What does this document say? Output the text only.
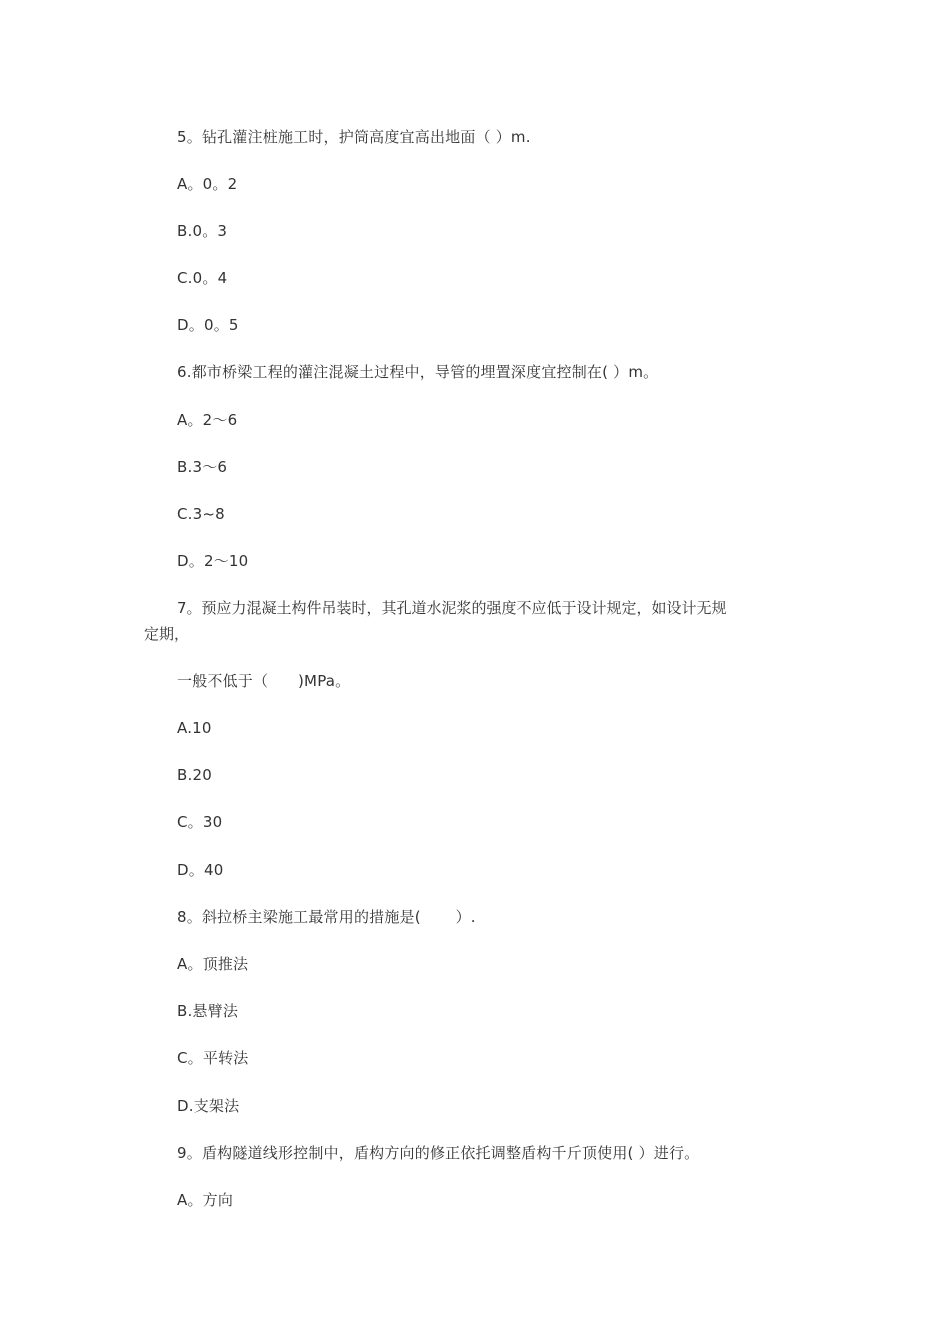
5。钻孔灌注桩施工时，护筒高度宜高出地面（ ）m.
A。0。2
B.0。3
C.0。4
D。0。5
6.都市桥梁工程的灌注混凝土过程中，导管的埋置深度宜控制在( ）m。
A。2～6
B.3～6
C.3~8
D。2～10
7。预应力混凝土构件吊装时，其孔道水泥浆的强度不应低于设计规定，如设计无规
定期，
一般不低于（      )MPa。
A.10
B.20
C。30
D。40
8。斜拉桥主梁施工最常用的措施是(       ）.
A。顶推法
B.悬臂法
C。平转法
D.支架法
9。盾构隧道线形控制中，盾构方向的修正依托调整盾构千斤顶使用( ）进行。
A。方向
